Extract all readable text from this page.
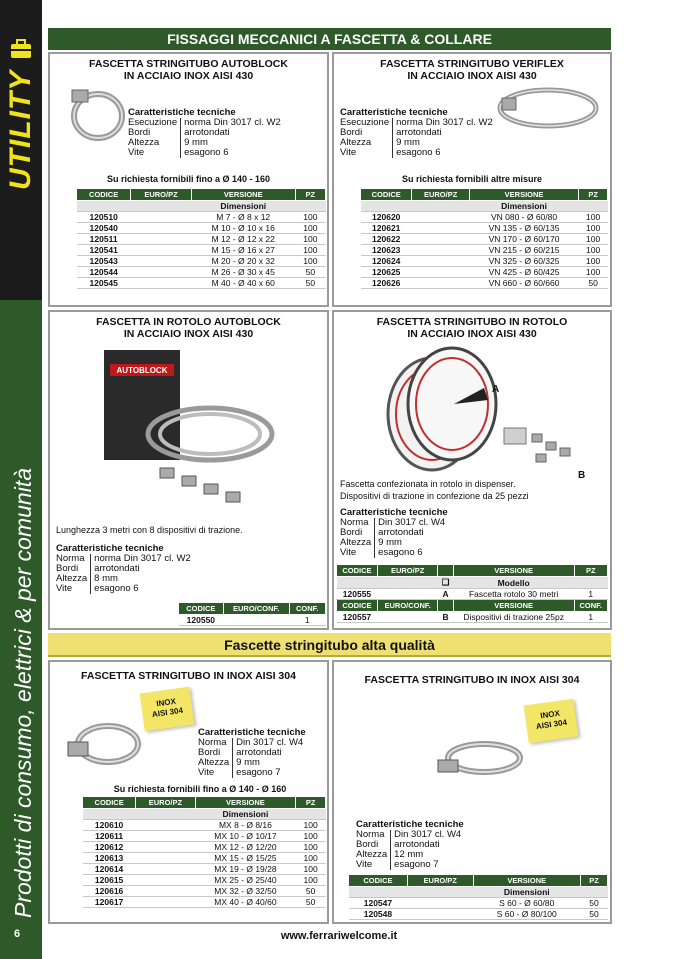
UTILITY
Prodotti di consumo, elettrici & per comunità
6
FISSAGGI MECCANICI A FASCETTA & COLLARE
FASCETTA STRINGITUBO AUTOBLOCK
IN ACCIAIO INOX AISI 430
Caratteristiche tecniche
Esecuzione	norma Din 3017 cl. W2
Bordi	arrotondati
Altezza	9 mm
Vite	esagono 6
Su richiesta fornibili fino a Ø 140 - 160
CODICE	EURO/PZ	VERSIONE	PZ
		Dimensioni	
120510		M 7 - Ø 8 x 12	100
120540		M 10 - Ø 10 x 16	100
120511		M 12 - Ø 12 x 22	100
120541		M 15 - Ø 16 x 27	100
120543		M 20 - Ø 20 x 32	100
120544		M 26 - Ø 30 x 45	50
120545		M 40 - Ø 40 x 60	50
FASCETTA STRINGITUBO VERIFLEX
IN ACCIAIO INOX AISI 430
Caratteristiche tecniche
Esecuzione	norma Din 3017 cl. W2
Bordi	arrotondati
Altezza	9 mm
Vite	esagono 6
Su richiesta fornibili altre misure
CODICE	EURO/PZ	VERSIONE	PZ
		Dimensioni	
120620		VN 080 - Ø 60/80	100
120621		VN 135 - Ø 60/135	100
120622		VN 170 - Ø 60/170	100
120623		VN 215 - Ø 60/215	100
120624		VN 325 - Ø 60/325	100
120625		VN 425 - Ø 60/425	100
120626		VN 660 - Ø 60/660	50
FASCETTA IN ROTOLO AUTOBLOCK
IN ACCIAIO INOX AISI 430
AUTOBLOCK
Lunghezza 3 metri con 8 dispositivi di trazione.
Caratteristiche tecniche
Norma	norma Din 3017 cl. W2
Bordi	arrotondati
Altezza	8 mm
Vite	esagono 6
CODICE	EURO/CONF.	CONF.
120550		1
FASCETTA STRINGITUBO IN ROTOLO
IN ACCIAIO INOX AISI 430
A
B
Fascetta confezionata in rotolo in dispenser.
Dispositivi di trazione in confezione da 25 pezzi
Caratteristiche tecniche
Norma	Din 3017 cl. W4
Bordi	arrotondati
Altezza	9 mm
Vite	esagono 6
CODICE	EURO/PZ		VERSIONE	PZ
		❑	Modello	
120555		A	Fascetta rotolo 30 metri	1
CODICE	EURO/CONF.		VERSIONE	CONF.
120557		B	Dispositivi di trazione 25pz	1
Fascette stringitubo alta qualità
FASCETTA STRINGITUBO IN INOX AISI 304
INOX
AISI 304
Caratteristiche tecniche
Norma	Din 3017 cl. W4
Bordi	arrotondati
Altezza	9 mm
Vite	esagono 7
Su richiesta fornibili fino a Ø 140 - Ø 160
CODICE	EURO/PZ	VERSIONE	PZ
		Dimensioni	
120610		MX 8 - Ø 8/16	100
120611		MX 10 - Ø 10/17	100
120612		MX 12 - Ø 12/20	100
120613		MX 15 - Ø 15/25	100
120614		MX 19 - Ø 19/28	100
120615		MX 25 - Ø 25/40	100
120616		MX 32 - Ø 32/50	50
120617		MX 40 - Ø 40/60	50
FASCETTA STRINGITUBO IN INOX AISI 304
INOX
AISI 304
Caratteristiche tecniche
Norma	Din 3017 cl. W4
Bordi	arrotondati
Altezza	12 mm
Vite	esagono 7
CODICE	EURO/PZ	VERSIONE	PZ
		Dimensioni	
120547		S 60 - Ø 60/80	50
120548		S 60 - Ø 80/100	50
www.ferrariwelcome.it
